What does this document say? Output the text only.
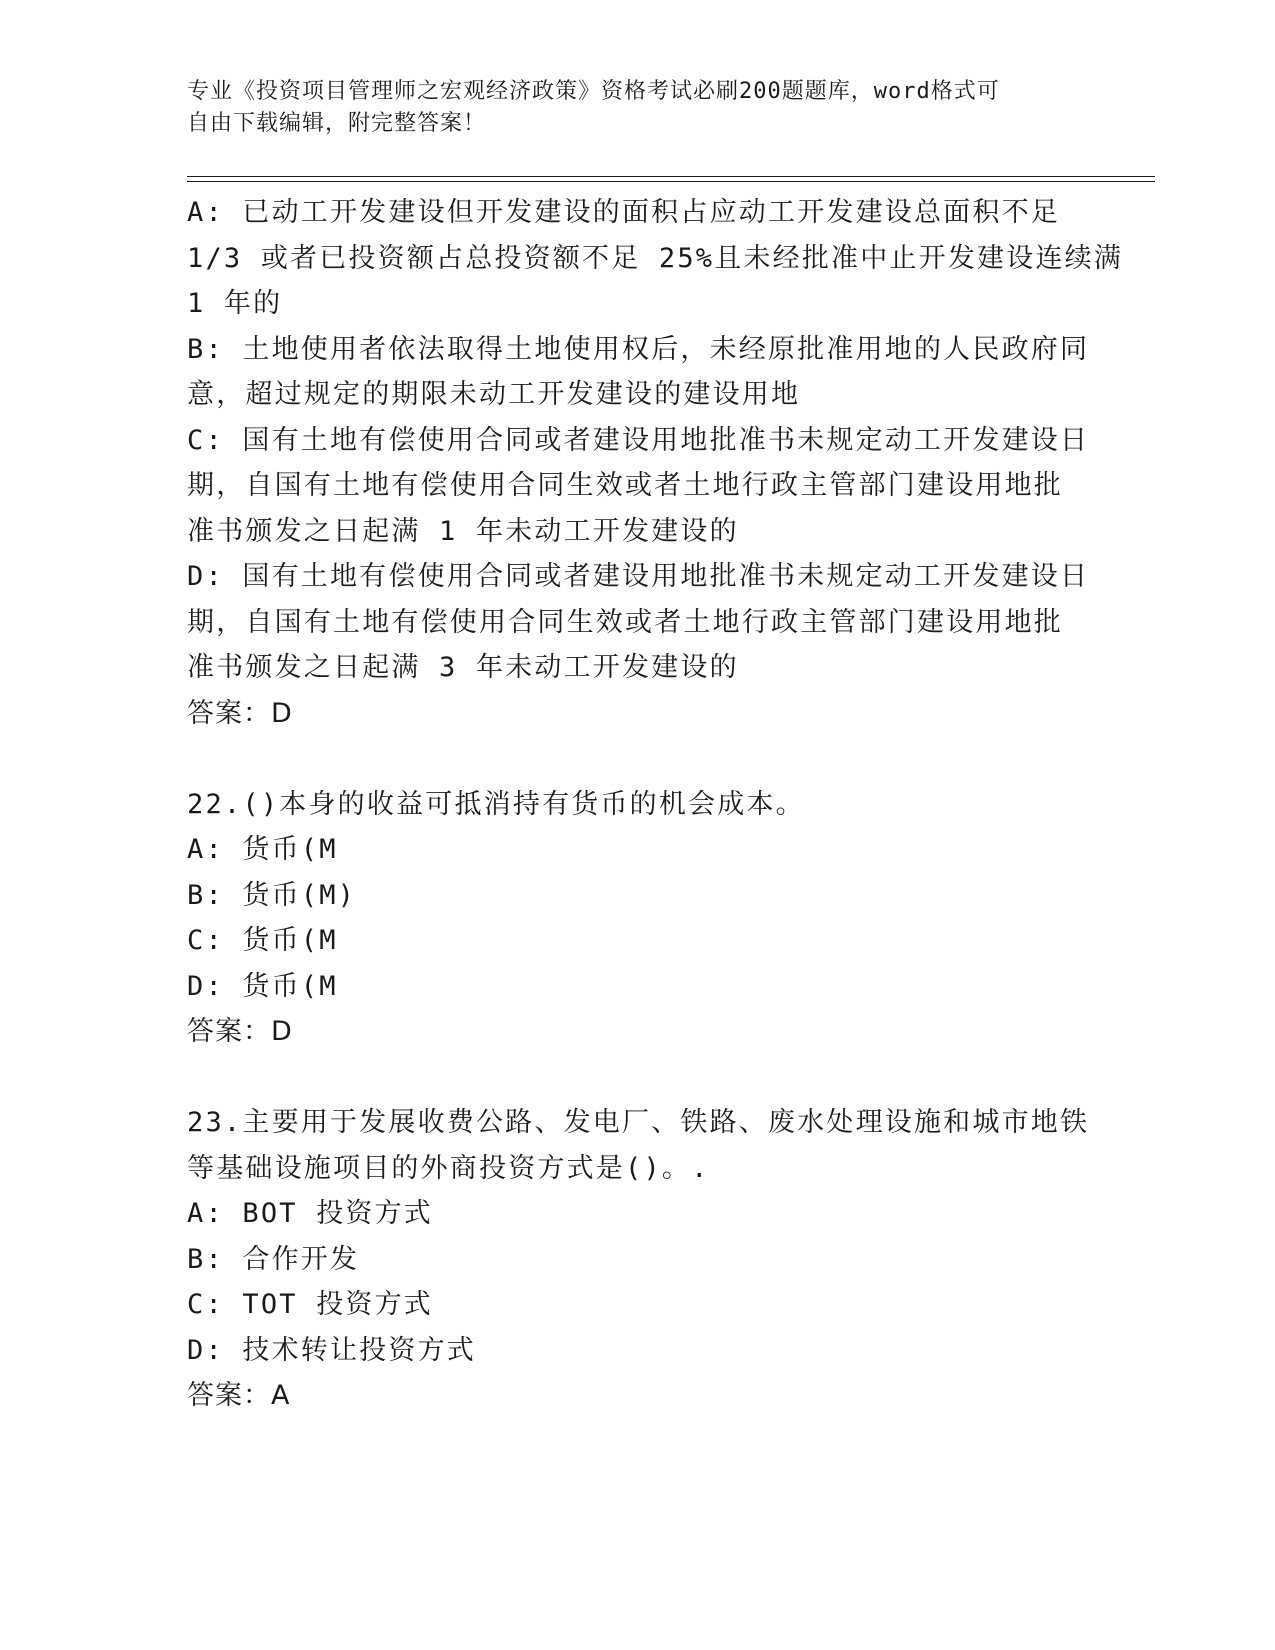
专业《投资项目管理师之宏观经济政策》资格考试必刷200题题库，word格式可
自由下载编辑，附完整答案！
A: 已动工开发建设但开发建设的面积占应动工开发建设总面积不足
1/3 或者已投资额占总投资额不足 25%且未经批准中止开发建设连续满
1 年的
B: 土地使用者依法取得土地使用权后，未经原批准用地的人民政府同
意，超过规定的期限未动工开发建设的建设用地
C: 国有土地有偿使用合同或者建设用地批准书未规定动工开发建设日
期，自国有土地有偿使用合同生效或者土地行政主管部门建设用地批
准书颁发之日起满 1 年未动工开发建设的
D: 国有土地有偿使用合同或者建设用地批准书未规定动工开发建设日
期，自国有土地有偿使用合同生效或者土地行政主管部门建设用地批
准书颁发之日起满 3 年未动工开发建设的
答案：D
22.()本身的收益可抵消持有货币的机会成本。
A: 货币(M
B: 货币(M)
C: 货币(M
D: 货币(M
答案：D
23.主要用于发展收费公路、发电厂、铁路、废水处理设施和城市地铁
等基础设施项目的外商投资方式是()。.
A: BOT 投资方式
B: 合作开发
C: TOT 投资方式
D: 技术转让投资方式
答案：A
